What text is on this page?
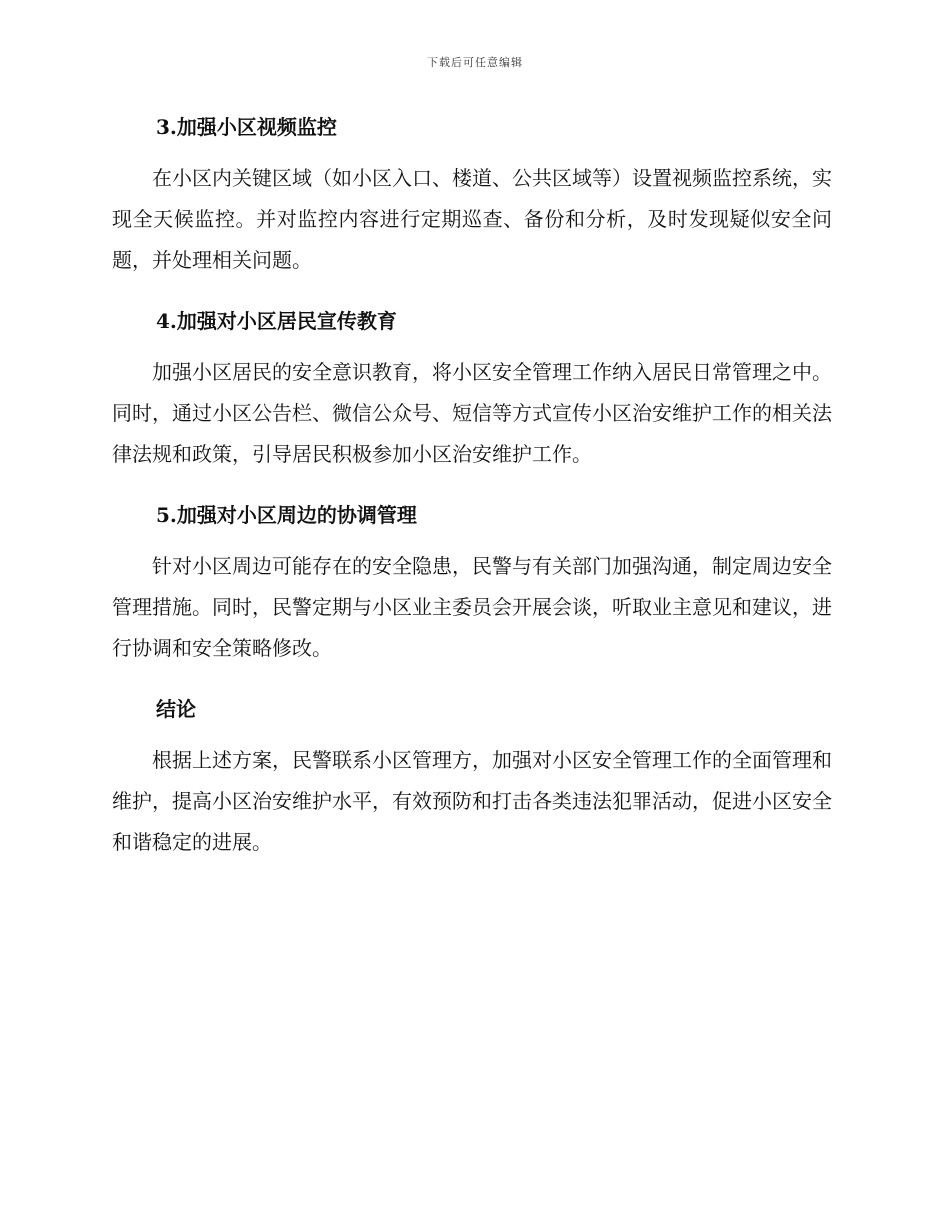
下载后可任意编辑
3.加强小区视频监控

在小区内关键区域（如小区入口、楼道、公共区域等）设置视频监控系统，实现全天候监控。并对监控内容进行定期巡查、备份和分析，及时发现疑似安全问题，并处理相关问题。

4.加强对小区居民宣传教育

加强小区居民的安全意识教育，将小区安全管理工作纳入居民日常管理之中。同时，通过小区公告栏、微信公众号、短信等方式宣传小区治安维护工作的相关法律法规和政策，引导居民积极参加小区治安维护工作。

5.加强对小区周边的协调管理

针对小区周边可能存在的安全隐患，民警与有关部门加强沟通，制定周边安全管理措施。同时，民警定期与小区业主委员会开展会谈，听取业主意见和建议，进行协调和安全策略修改。

结论

根据上述方案，民警联系小区管理方，加强对小区安全管理工作的全面管理和维护，提高小区治安维护水平，有效预防和打击各类违法犯罪活动，促进小区安全和谐稳定的进展。
